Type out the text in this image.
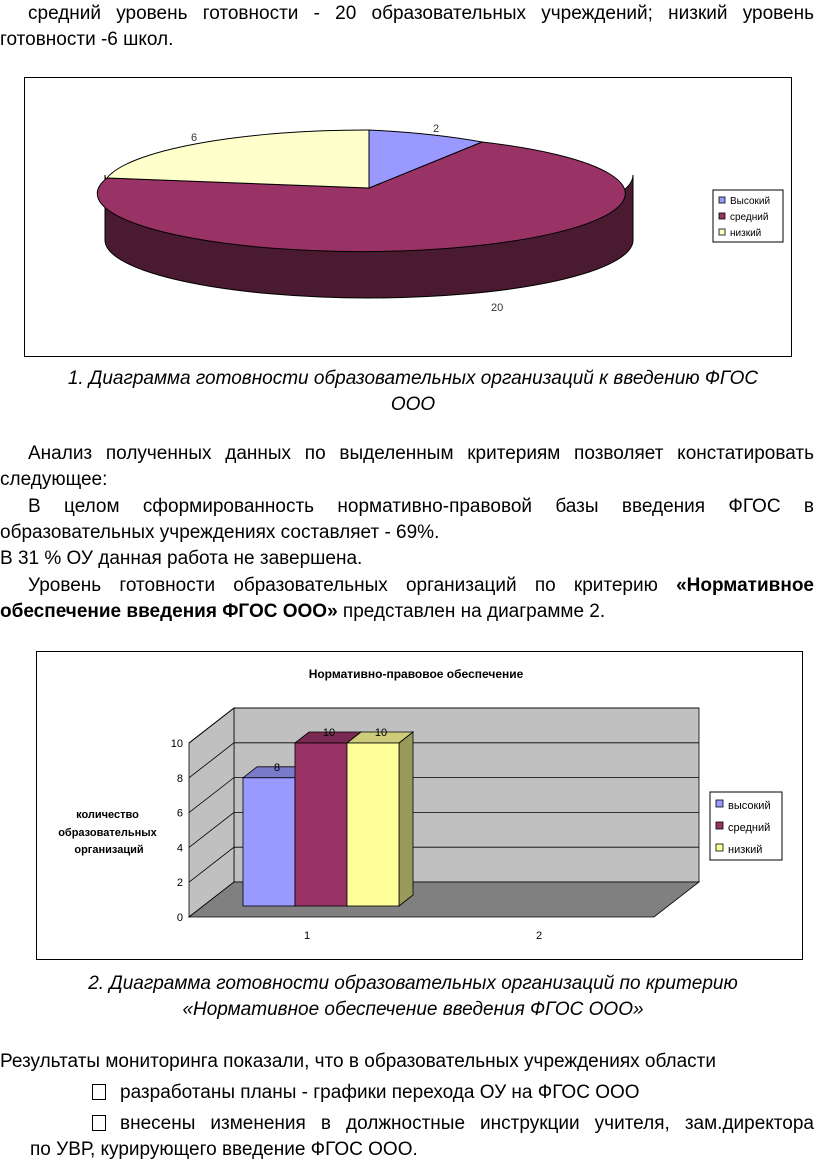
средний уровень готовности - 20 образовательных учреждений; низкий уровень
готовности -6 школ.
2
6
20
Высокий
средний
низкий
1. Диаграмма готовности образовательных организаций к введению ФГОС
ООО
Анализ полученных данных по выделенным критериям позволяет констатировать
следующее:
В целом сформированность нормативно-правовой базы введения ФГОС в
образовательных учреждениях составляет - 69%.
В 31 % ОУ данная работа не завершена.
Уровень готовности образовательных организаций по критерию «Нормативное
обеспечение введения ФГОС ООО» представлен на диаграмме 2.
Нормативно-правовое обеспечение
0
2
4
6
8
10
8
10	10
количество образовательных организаций
1	2
высокий
средний
низкий
2. Диаграмма готовности образовательных организаций по критерию
«Нормативное обеспечение введения ФГОС ООО»
Результаты мониторинга показали, что в образовательных учреждениях области
разработаны планы - графики перехода ОУ на ФГОС ООО
внесены изменения в должностные инструкции учителя, зам.директора
по УВР, курирующего введение ФГОС ООО.
